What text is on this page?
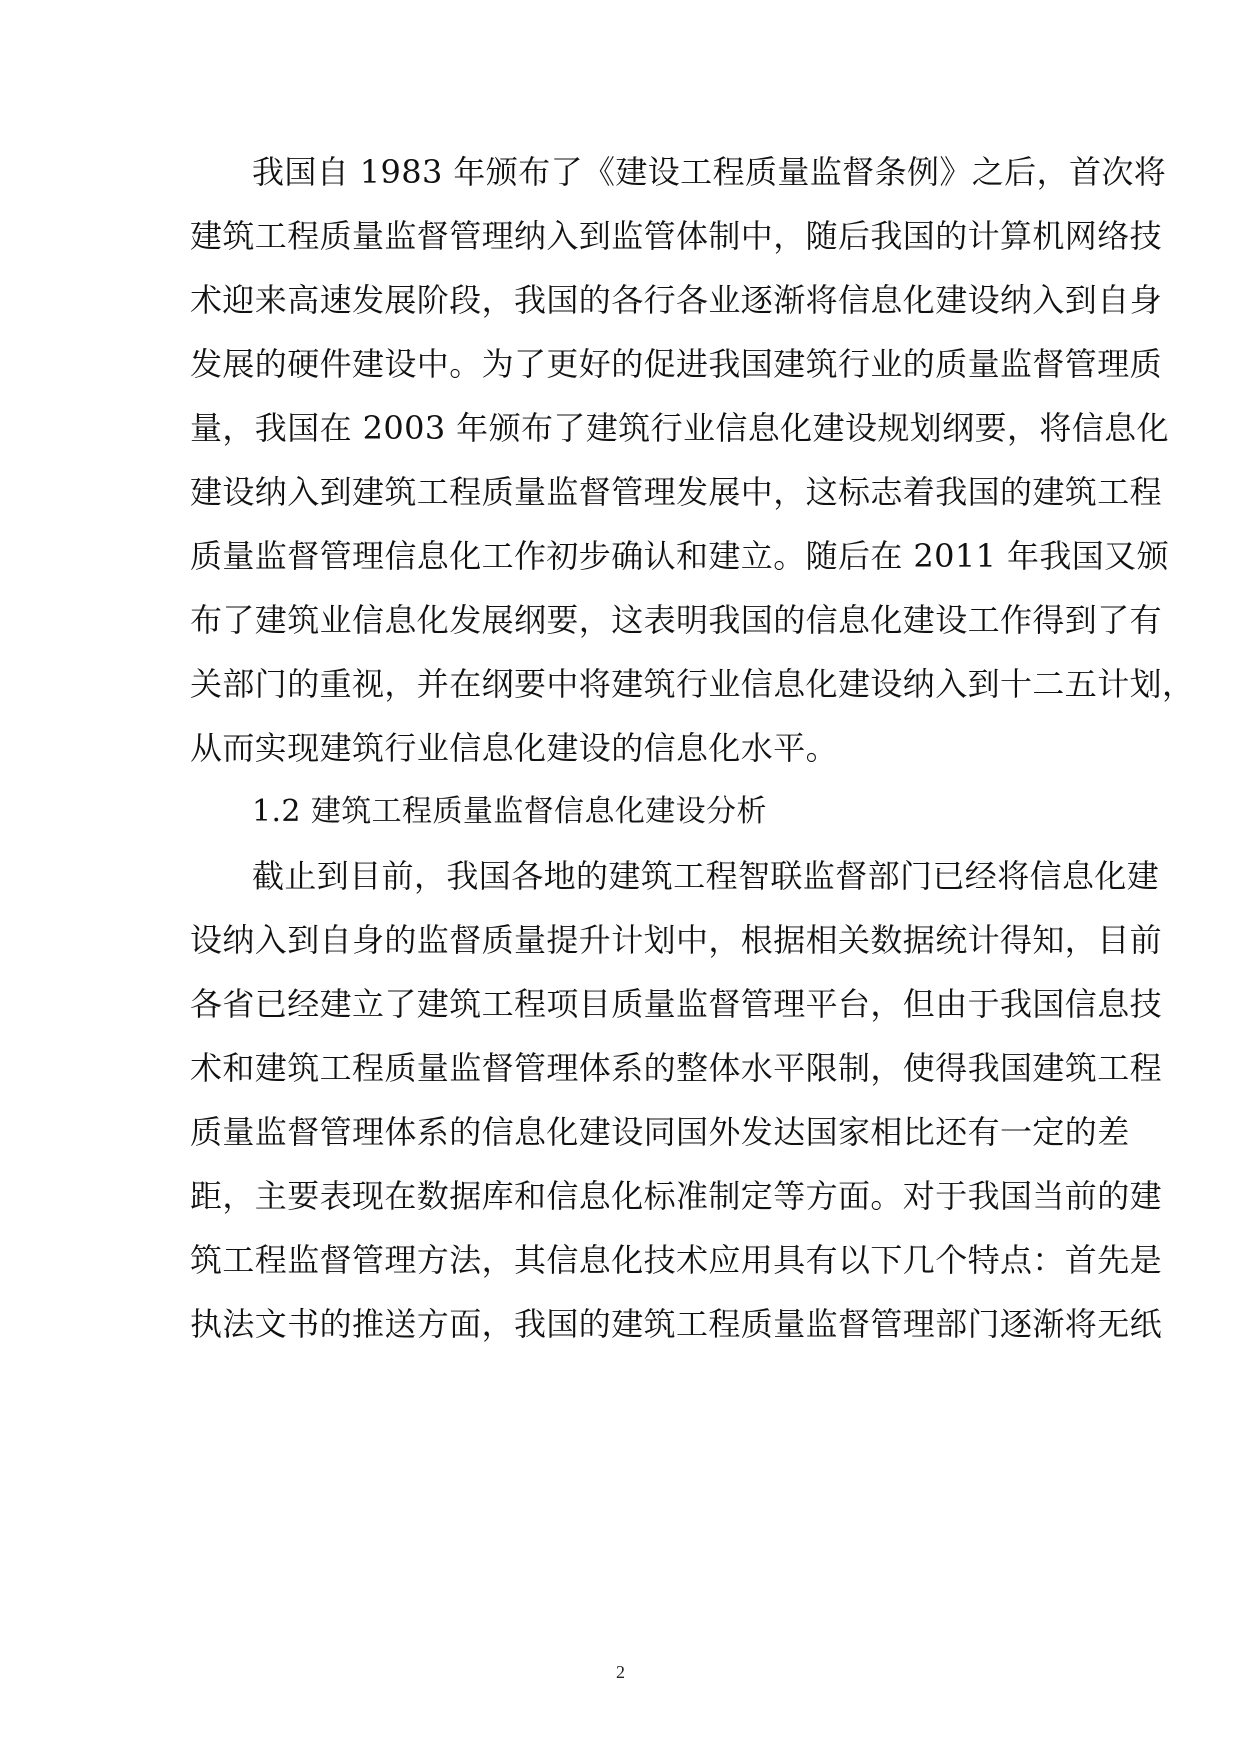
我国自 1983 年颁布了《建设工程质量监督条例》之后，首次将
建筑工程质量监督管理纳入到监管体制中，随后我国的计算机网络技
术迎来高速发展阶段，我国的各行各业逐渐将信息化建设纳入到自身
发展的硬件建设中。为了更好的促进我国建筑行业的质量监督管理质
量，我国在 2003 年颁布了建筑行业信息化建设规划纲要，将信息化
建设纳入到建筑工程质量监督管理发展中，这标志着我国的建筑工程
质量监督管理信息化工作初步确认和建立。随后在 2011 年我国又颁
布了建筑业信息化发展纲要，这表明我国的信息化建设工作得到了有
关部门的重视，并在纲要中将建筑行业信息化建设纳入到十二五计划，
从而实现建筑行业信息化建设的信息化水平。
1.2 建筑工程质量监督信息化建设分析
截止到目前，我国各地的建筑工程智联监督部门已经将信息化建
设纳入到自身的监督质量提升计划中，根据相关数据统计得知，目前
各省已经建立了建筑工程项目质量监督管理平台，但由于我国信息技
术和建筑工程质量监督管理体系的整体水平限制，使得我国建筑工程
质量监督管理体系的信息化建设同国外发达国家相比还有一定的差
距，主要表现在数据库和信息化标准制定等方面。对于我国当前的建
筑工程监督管理方法，其信息化技术应用具有以下几个特点：首先是
执法文书的推送方面，我国的建筑工程质量监督管理部门逐渐将无纸
2
